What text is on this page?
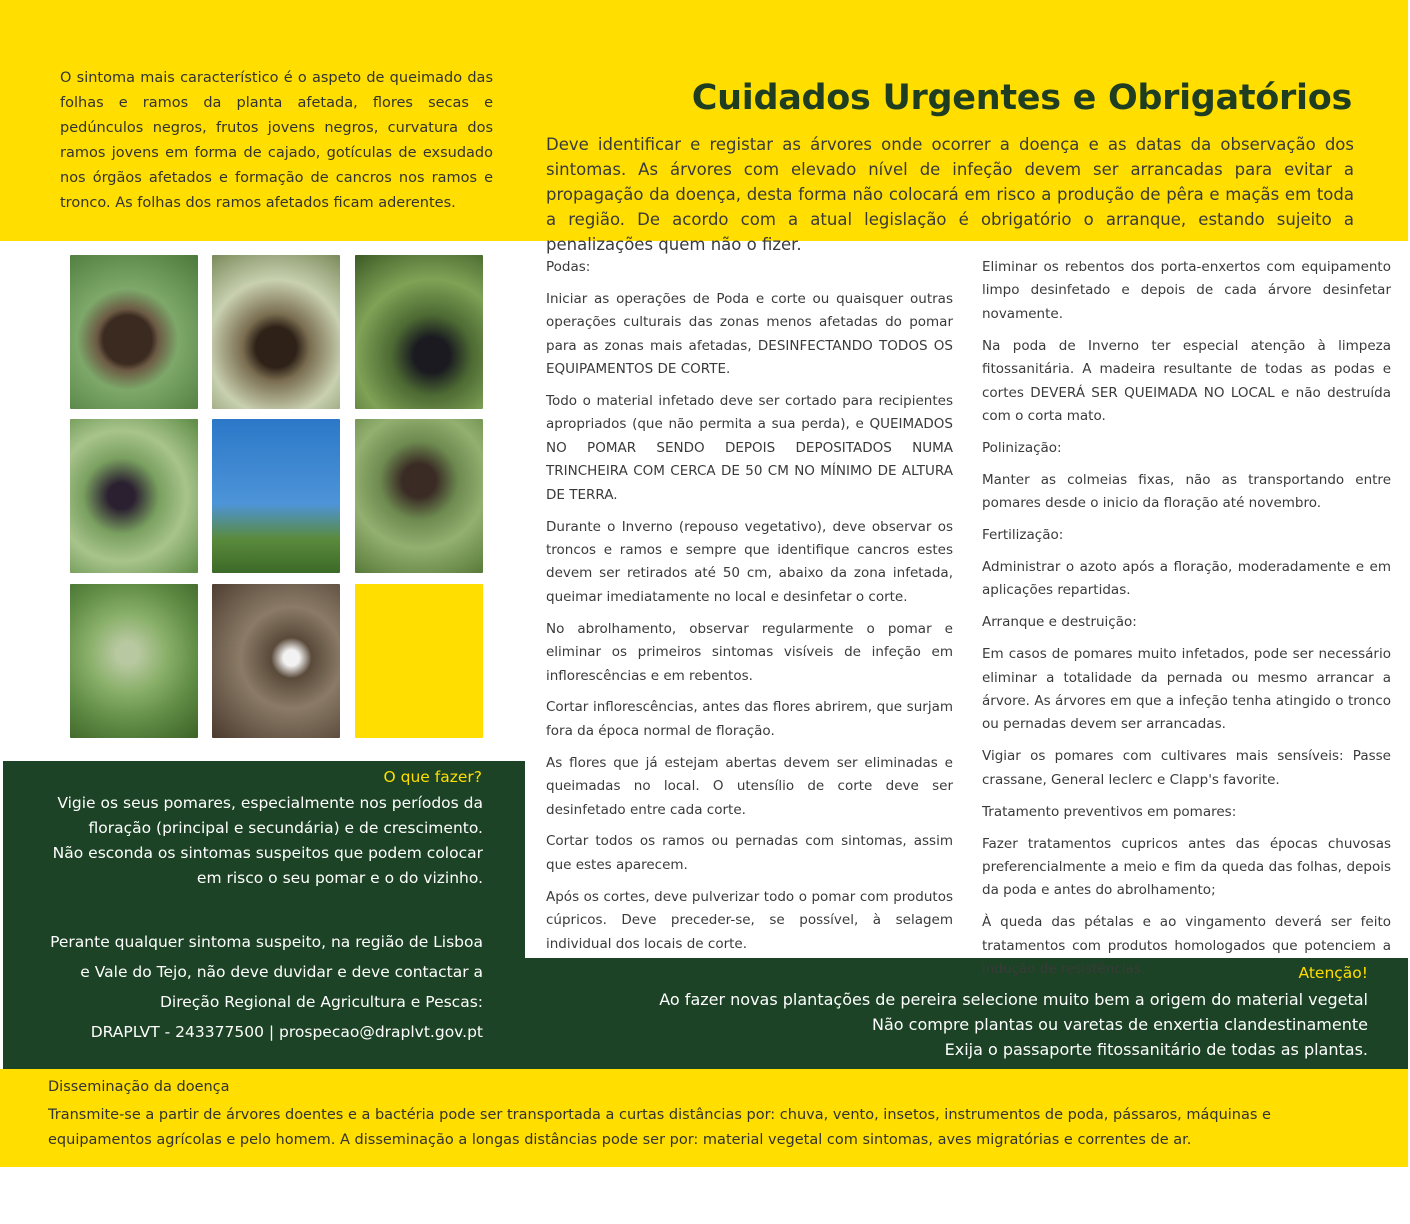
O sintoma mais característico é o aspeto de queimado das folhas e ramos da planta afetada, flores secas e pedúnculos negros, frutos jovens negros, curvatura dos ramos jovens em forma de cajado, gotículas de exsudado nos órgãos afetados e formação de cancros nos ramos e tronco. As folhas dos ramos afetados ficam aderentes.
Cuidados Urgentes e Obrigatórios
Deve identificar e registar as árvores onde ocorrer a doença e as datas da observação dos sintomas. As árvores com elevado nível de infeção devem ser arrancadas para evitar a propagação da doença, desta forma não colocará em risco a produção de pêra e maçãs em toda a região. De acordo com a atual legislação é obrigatório o arranque, estando sujeito a penalizações quem não o fizer.
O que fazer?
Vigie os seus pomares, especialmente nos períodos da floração (principal e secundária) e de crescimento.
Não esconda os sintomas suspeitos que podem colocar em risco o seu pomar e o do vizinho.
Perante qualquer sintoma suspeito, na região de Lisboa e Vale do Tejo, não deve duvidar e deve contactar a Direção Regional de Agricultura e Pescas:
DRAPLVT - 243377500 | prospecao@draplvt.gov.pt

Podas:

Iniciar as operações de Poda e corte ou quaisquer outras operações culturais das zonas menos afetadas do pomar para as zonas mais afetadas, DESINFECTANDO TODOS OS EQUIPAMENTOS DE CORTE.

Todo o material infetado deve ser cortado para recipientes apropriados (que não permita a sua perda), e QUEIMADOS NO POMAR SENDO DEPOIS DEPOSITADOS NUMA TRINCHEIRA COM CERCA DE 50 CM NO MÍNIMO DE ALTURA DE TERRA.

Durante o Inverno (repouso vegetativo), deve observar os troncos e ramos e sempre que identifique cancros estes devem ser retirados até 50 cm, abaixo da zona infetada, queimar imediatamente no local e desinfetar o corte.

No abrolhamento, observar regularmente o pomar e eliminar os primeiros sintomas visíveis de infeção em inflorescências e em rebentos.

Cortar inflorescências, antes das flores abrirem, que surjam fora da época normal de floração.

As flores que já estejam abertas devem ser eliminadas e queimadas no local. O utensílio de corte deve ser desinfetado entre cada corte.

Cortar todos os ramos ou pernadas com sintomas, assim que estes aparecem.

Após os cortes, deve pulverizar todo o pomar com produtos cúpricos. Deve preceder-se, se possível, à selagem individual dos locais de corte.

Eliminar os rebentos dos porta-enxertos com equipamento limpo desinfetado e depois de cada árvore desinfetar novamente.

Na poda de Inverno ter especial atenção à limpeza fitossanitária. A madeira resultante de todas as podas e cortes DEVERÁ SER QUEIMADA NO LOCAL e não destruída com o corta mato.

Polinização:

Manter as colmeias fixas, não as transportando entre pomares desde o inicio da floração até novembro.

Fertilização:

Administrar o azoto após a floração, moderadamente e em aplicações repartidas.

Arranque e destruição:

Em casos de pomares muito infetados, pode ser necessário eliminar a totalidade da pernada ou mesmo arrancar a árvore. As árvores em que a infeção tenha atingido o tronco ou pernadas devem ser arrancadas.

Vigiar os pomares com cultivares mais sensíveis: Passe crassane, General leclerc e Clapp's favorite.

Tratamento preventivos em pomares:

Fazer tratamentos cupricos antes das épocas chuvosas preferencialmente a meio e fim da queda das folhas, depois da poda e antes do abrolhamento;

À queda das pétalas e ao vingamento deverá ser feito tratamentos com produtos homologados que potenciem a indução de resistências.	Atenção!
Ao fazer novas plantações de pereira selecione muito bem a origem do material vegetal
Não compre plantas ou varetas de enxertia clandestinamente
Exija o passaporte fitossanitário de todas as plantas.
Disseminação da doença
Transmite-se a partir de árvores doentes e a bactéria pode ser transportada a curtas distâncias por: chuva, vento, insetos, instrumentos de poda, pássaros, máquinas e equipamentos agrícolas e pelo homem. A disseminação a longas distâncias pode ser por: material vegetal com sintomas, aves migratórias e correntes de ar.
